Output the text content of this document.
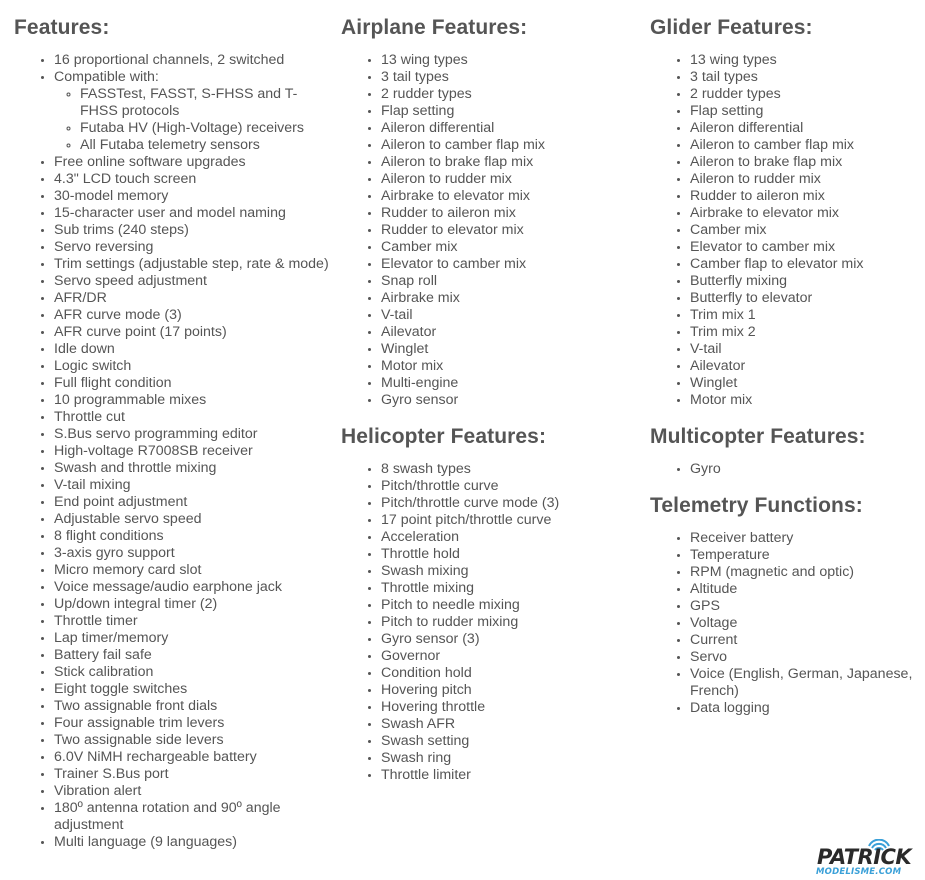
Features:
• 16 proportional channels, 2 switched
• Compatible with:
◦ FASSTest, FASST, S-FHSS and T-FHSS protocols
◦ Futaba HV (High-Voltage) receivers
◦ All Futaba telemetry sensors
• Free online software upgrades
• 4.3" LCD touch screen
• 30-model memory
• 15-character user and model naming
• Sub trims (240 steps)
• Servo reversing
• Trim settings (adjustable step, rate & mode)
• Servo speed adjustment
• AFR/DR
• AFR curve mode (3)
• AFR curve point (17 points)
• Idle down
• Logic switch
• Full flight condition
• 10 programmable mixes
• Throttle cut
• S.Bus servo programming editor
• High-voltage R7008SB receiver
• Swash and throttle mixing
• V-tail mixing
• End point adjustment
• Adjustable servo speed
• 8 flight conditions
• 3-axis gyro support
• Micro memory card slot
• Voice message/audio earphone jack
• Up/down integral timer (2)
• Throttle timer
• Lap timer/memory
• Battery fail safe
• Stick calibration
• Eight toggle switches
• Two assignable front dials
• Four assignable trim levers
• Two assignable side levers
• 6.0V NiMH rechargeable battery
• Trainer S.Bus port
• Vibration alert
• 180º antenna rotation and 90º angle adjustment
• Multi language (9 languages)
Airplane Features:
• 13 wing types
• 3 tail types
• 2 rudder types
• Flap setting
• Aileron differential
• Aileron to camber flap mix
• Aileron to brake flap mix
• Aileron to rudder mix
• Airbrake to elevator mix
• Rudder to aileron mix
• Rudder to elevator mix
• Camber mix
• Elevator to camber mix
• Snap roll
• Airbrake mix
• V-tail
• Ailevator
• Winglet
• Motor mix
• Multi-engine
• Gyro sensor
Helicopter Features:
• 8 swash types
• Pitch/throttle curve
• Pitch/throttle curve mode (3)
• 17 point pitch/throttle curve
• Acceleration
• Throttle hold
• Swash mixing
• Throttle mixing
• Pitch to needle mixing
• Pitch to rudder mixing
• Gyro sensor (3)
• Governor
• Condition hold
• Hovering pitch
• Hovering throttle
• Swash AFR
• Swash setting
• Swash ring
• Throttle limiter
Glider Features:
• 13 wing types
• 3 tail types
• 2 rudder types
• Flap setting
• Aileron differential
• Aileron to camber flap mix
• Aileron to brake flap mix
• Aileron to rudder mix
• Rudder to aileron mix
• Airbrake to elevator mix
• Camber mix
• Elevator to camber mix
• Camber flap to elevator mix
• Butterfly mixing
• Butterfly to elevator
• Trim mix 1
• Trim mix 2
• V-tail
• Ailevator
• Winglet
• Motor mix
Multicopter Features:
• Gyro
Telemetry Functions:
• Receiver battery
• Temperature
• RPM (magnetic and optic)
• Altitude
• GPS
• Voltage
• Current
• Servo
• Voice (English, German, Japanese, French)
• Data logging
PATRICK
MODELISME.COM
